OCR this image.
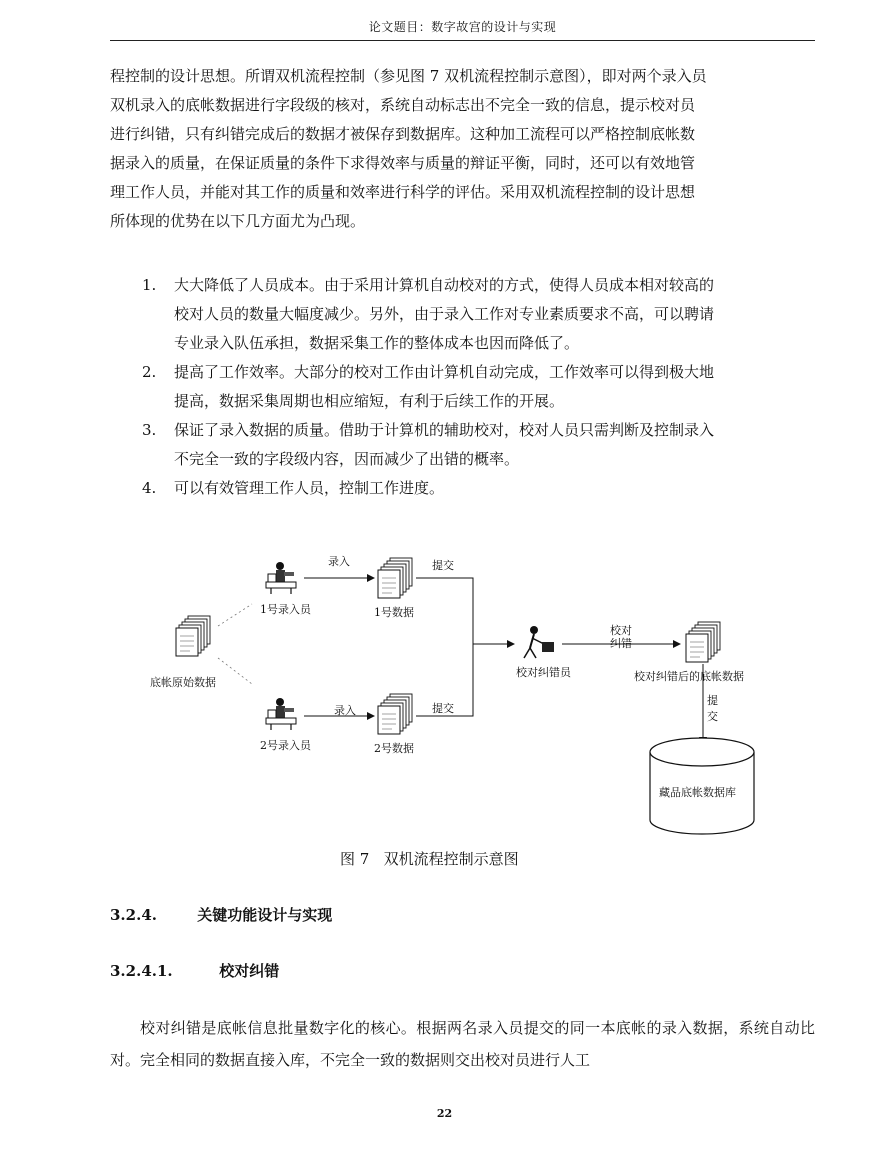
论文题目：数字故宫的设计与实现

程控制的设计思想。所谓双机流程控制（参见图 7 双机流程控制示意图），即对两个录入员

双机录入的底帐数据进行字段级的核对，系统自动标志出不完全一致的信息，提示校对员

进行纠错，只有纠错完成后的数据才被保存到数据库。这种加工流程可以严格控制底帐数

据录入的质量，在保证质量的条件下求得效率与质量的辩证平衡，同时，还可以有效地管

理工作人员，并能对其工作的质量和效率进行科学的评估。采用双机流程控制的设计思想

所体现的优势在以下几方面尤为凸现。

1. 大大降低了人员成本。由于采用计算机自动校对的方式，使得人员成本相对较高的
校对人员的数量大幅度减少。另外，由于录入工作对专业素质要求不高，可以聘请
专业录入队伍承担，数据采集工作的整体成本也因而降低了。
2. 提高了工作效率。大部分的校对工作由计算机自动完成，工作效率可以得到极大地
提高，数据采集周期也相应缩短，有利于后续工作的开展。
3. 保证了录入数据的质量。借助于计算机的辅助校对，校对人员只需判断及控制录入
不完全一致的字段级内容，因而减少了出错的概率。
4. 可以有效管理工作人员，控制工作进度。
底帐原始数据
1号录入员
录入
1号数据
提交
2号录入员
录入
2号数据
提交
校对纠错员
校对
纠错
校对纠错后的底帐数据
提
交
藏品底帐数据库
图 7 双机流程控制示意图
3.2.4.	关键功能设计与实现
3.2.4.1.	校对纠错
校对纠错是底帐信息批量数字化的核心。根据两名录入员提交的同一本底帐的录入数据，系统自动比对。完全相同的数据直接入库，不完全一致的数据则交出校对员进行人工
22
